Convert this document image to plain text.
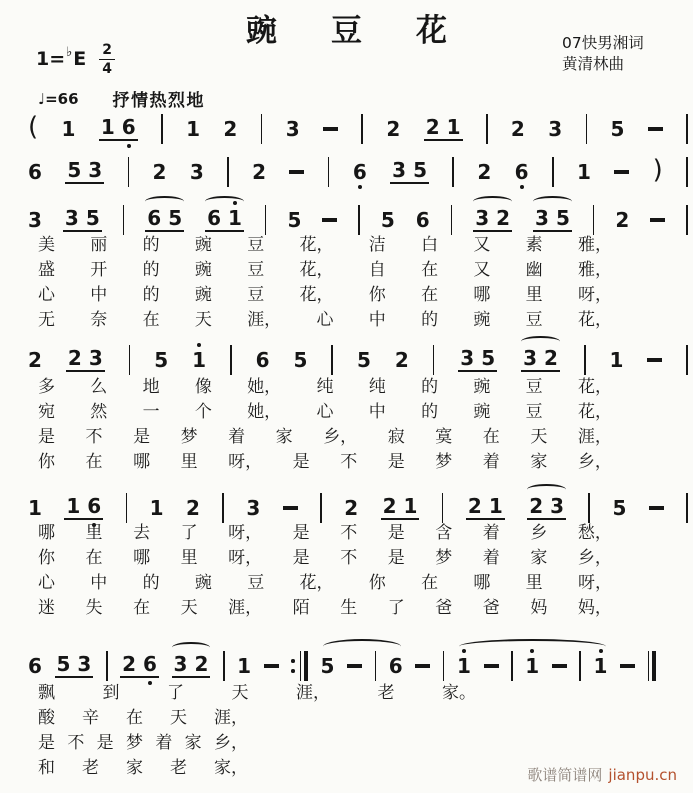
豌 豆 花
1= ♭ E $\frac{2}{4}$	07快男湘词
黄清林曲
♩=66 抒情热烈地
( 1 1 6	1 2 3	2 2 1	2 3 5
6 5 3	2 3 2	6 3 5	2 6 1 )
3 3 5 6 5 6 1 5	5 6 3 2 3 5 2
2 2 3	5 1 6 5 5 2	3 5 3 2	1
1 1 6 1 2 3	2 2 1	2 1 2 3 5
6 5 3 2 6 3 2 1	5	6	1	1	1
美 丽 的 豌 豆 花， 洁 白 又 素 雅，
盛 开 的 豌 豆 花， 自 在 又 幽 雅，
心 中 的 豌 豆 花， 你 在 哪 里 呀，
无 奈 在 天 涯， 心 中 的 豌 豆 花，
多 么 地 像 她， 纯 纯 的 豌 豆 花，
宛 然 一 个 她， 心 中 的 豌 豆 花，
是 不 是 梦 着 家 乡， 寂 寞 在 天 涯，
你 在 哪 里 呀， 是 不 是 梦 着 家 乡，
哪 里 去 了 呀， 是 不 是 含 着 乡 愁，
你 在 哪 里 呀， 是 不 是 梦 着 家 乡，
心 中 的 豌 豆 花， 你 在 哪 里 呀，
迷 失 在 天 涯， 陌 生 了 爸 爸 妈 妈，
飘	到	了	天	涯，	老	家。
酸 辛 在 天 涯，
是 不 是 梦 着 家 乡，
和 老 家 老 家，	歌谱简谱网 jianpu.cn
